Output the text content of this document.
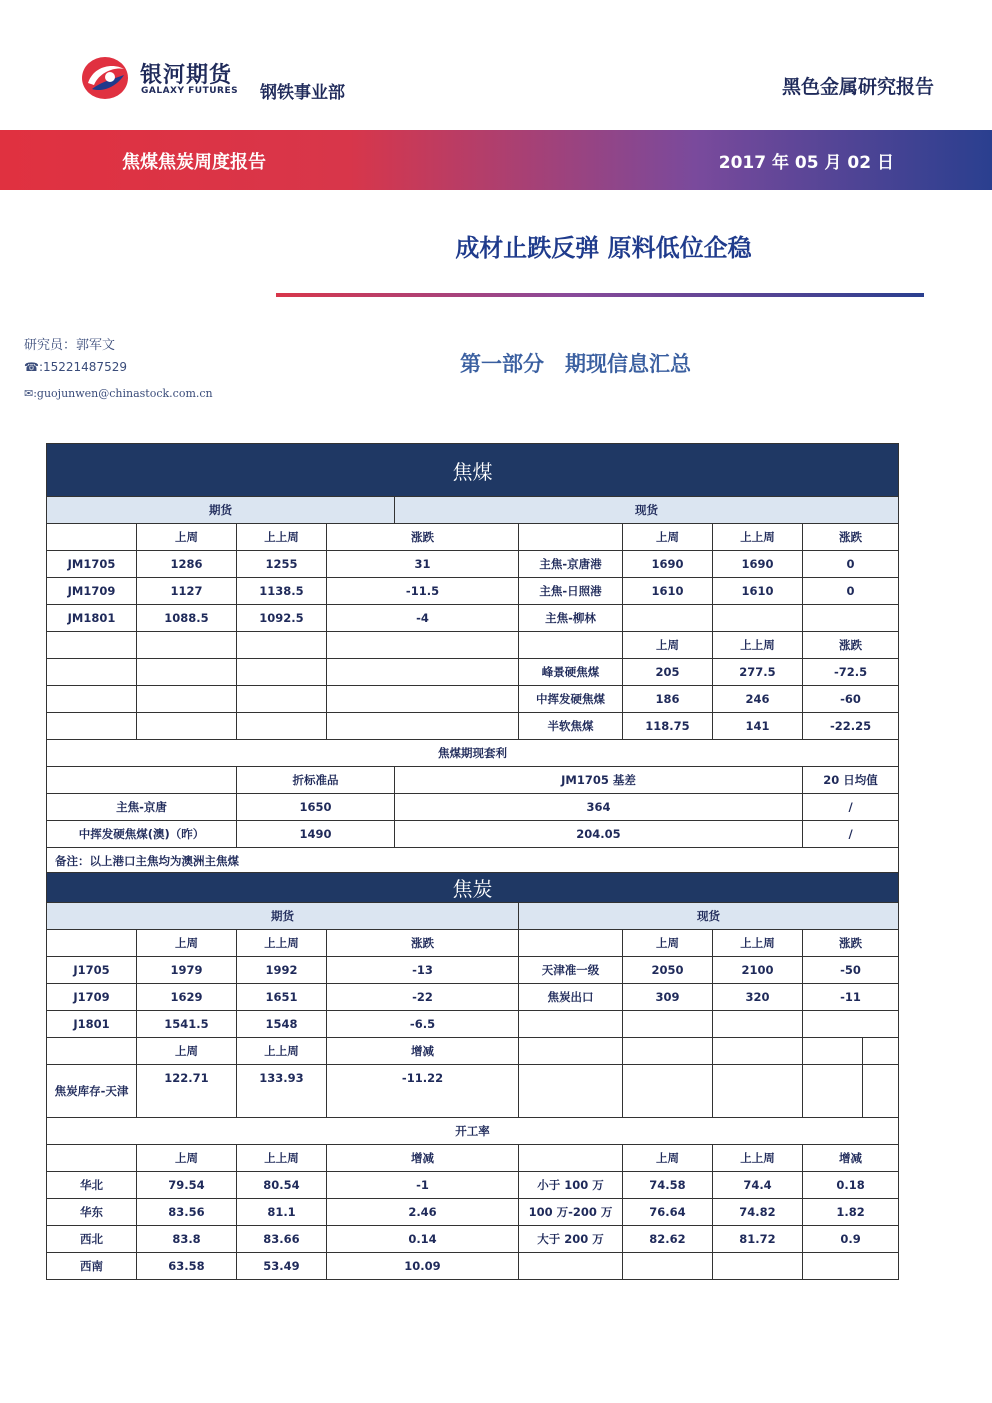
银河期货
GALAXY FUTURES 钢铁事业部	黑色金属研究报告
焦煤焦炭周度报告	2017 年 05 月 02 日
成材止跌反弹 原料低位企稳
研究员：郭军文
☎:15221487529
✉:guojunwen@chinastock.com.cn
第一部分　期现信息汇总
焦煤								
期货				现货				
	上周	上上周	涨跌			上周	上上周	涨跌
JM1705	1286	1255	31		主焦-京唐港	1690	1690	0
JM1709	1127	1138.5	-11.5		主焦-日照港	1610	1610	0
JM1801	1088.5	1092.5	-4		主焦-柳林			
						上周	上上周	涨跌
					峰景硬焦煤	205	277.5	-72.5
					中挥发硬焦煤	186	246	-60
					半软焦煤	118.75	141	-22.25
焦煤期现套利								
		折标准品		JM1705 基差				20 日均值
主焦-京唐		1650		364				/
中挥发硬焦煤(澳)（昨）		1490		204.05				/
备注：以上港口主焦均为澳洲主焦煤								
焦炭								
期货				现货				
	上周	上上周	涨跌		上周	上上周	涨跌	
J1705	1979	1992	-13	天津准一级	2050	2100	-50	
J1709	1629	1651	-22	焦炭出口	309	320	-11	
J1801	1541.5	1548	-6.5					
	上周	上上周	增减					
焦炭库存-天津	122.71	133.93	-11.22					
开工率								
	上周	上上周	增减		上周	上上周	增减	
华北	79.54	80.54	-1	小于 100 万	74.58	74.4	0.18	
华东	83.56	81.1	2.46	100 万-200 万	76.64	74.82	1.82	
西北	83.8	83.66	0.14	大于 200 万	82.62	81.72	0.9	
西南	63.58	53.49	10.09					
